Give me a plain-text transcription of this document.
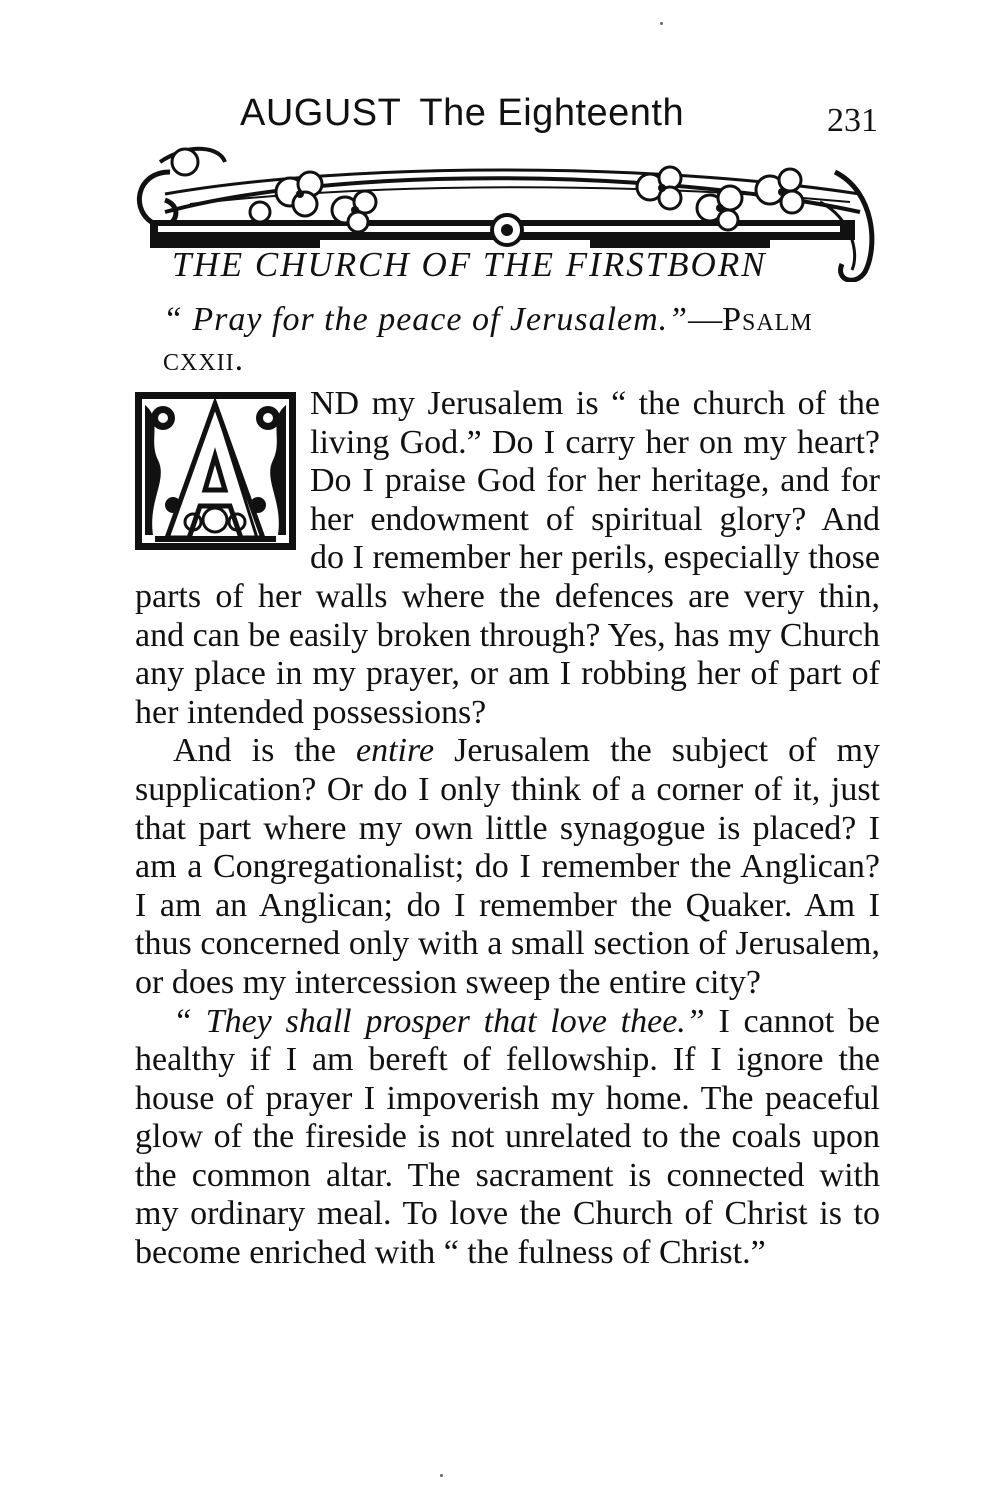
AUGUST The Eighteenth	231
THE CHURCH OF THE FIRSTBORN
“ Pray for the peace of Jerusalem.”—Psalm cxxii.

ND my Jerusalem is “ the church of the living God.” Do I carry her on my heart? Do I praise God for her heritage, and for her endowment of spiritual glory? And do I remember her perils, especially those parts of her walls where the defences are very thin, and can be easily broken through? Yes, has my Church any place in my prayer, or am I robbing her of part of her intended possessions?

And is the entire Jerusalem the subject of my supplication? Or do I only think of a corner of it, just that part where my own little synagogue is placed? I am a Congregationalist; do I remember the Anglican? I am an Anglican; do I remember the Quaker. Am I thus concerned only with a small section of Jerusalem, or does my intercession sweep the entire city?

“ They shall prosper that love thee.” I cannot be healthy if I am bereft of fellowship. If I ignore the house of prayer I impoverish my home. The peaceful glow of the fireside is not unrelated to the coals upon the common altar. The sacrament is connected with my ordinary meal. To love the Church of Christ is to become enriched with “ the fulness of Christ.”
